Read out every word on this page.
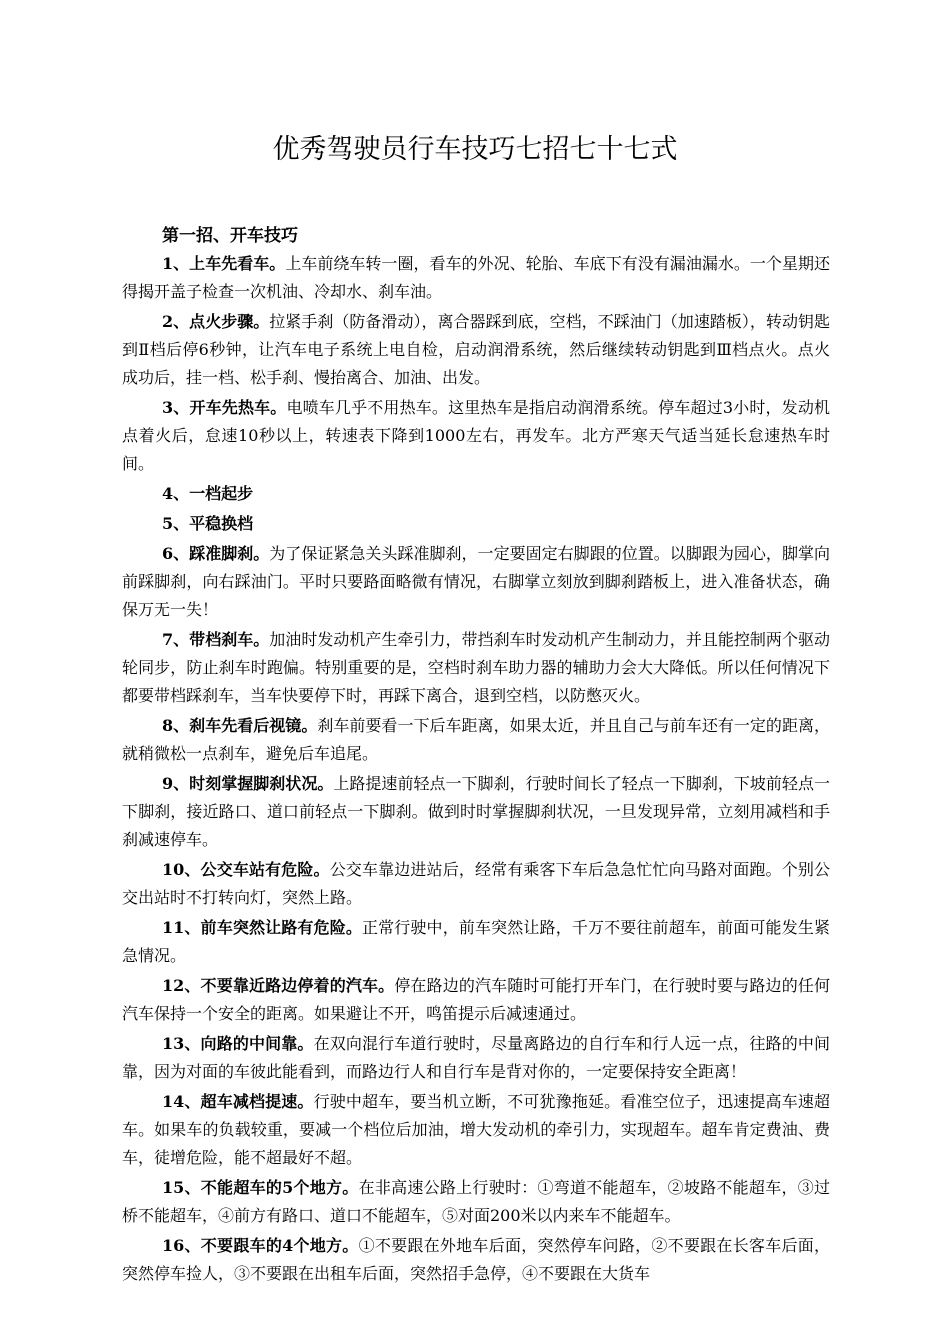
优秀驾驶员行车技巧七招七十七式
第一招、开车技巧

1、上车先看车。上车前绕车转一圈，看车的外况、轮胎、车底下有没有漏油漏水。一个星期还得揭开盖子检查一次机油、冷却水、刹车油。

2、点火步骤。拉紧手刹（防备滑动），离合器踩到底，空档，不踩油门（加速踏板），转动钥匙到Ⅱ档后停6秒钟，让汽车电子系统上电自检，启动润滑系统，然后继续转动钥匙到Ⅲ档点火。点火成功后，挂一档、松手刹、慢抬离合、加油、出发。

3、开车先热车。电喷车几乎不用热车。这里热车是指启动润滑系统。停车超过3小时，发动机点着火后，怠速10秒以上，转速表下降到1000左右，再发车。北方严寒天气适当延长怠速热车时间。

4、一档起步

5、平稳换档

6、踩准脚刹。为了保证紧急关头踩准脚刹，一定要固定右脚跟的位置。以脚跟为园心，脚掌向前踩脚刹，向右踩油门。平时只要路面略微有情况，右脚掌立刻放到脚刹踏板上，进入准备状态，确保万无一失！

7、带档刹车。加油时发动机产生牵引力，带挡刹车时发动机产生制动力，并且能控制两个驱动轮同步，防止刹车时跑偏。特别重要的是，空档时刹车助力器的辅助力会大大降低。所以任何情况下都要带档踩刹车，当车快要停下时，再踩下离合，退到空档，以防憋灭火。

8、刹车先看后视镜。刹车前要看一下后车距离，如果太近，并且自己与前车还有一定的距离，就稍微松一点刹车，避免后车追尾。

9、时刻掌握脚刹状况。上路提速前轻点一下脚刹，行驶时间长了轻点一下脚刹，下坡前轻点一下脚刹，接近路口、道口前轻点一下脚刹。做到时时掌握脚刹状况，一旦发现异常，立刻用减档和手刹减速停车。

10、公交车站有危险。公交车靠边进站后，经常有乘客下车后急急忙忙向马路对面跑。个别公交出站时不打转向灯，突然上路。

11、前车突然让路有危险。正常行驶中，前车突然让路，千万不要往前超车，前面可能发生紧急情况。

12、不要靠近路边停着的汽车。停在路边的汽车随时可能打开车门，在行驶时要与路边的任何汽车保持一个安全的距离。如果避让不开，鸣笛提示后减速通过。

13、向路的中间靠。在双向混行车道行驶时，尽量离路边的自行车和行人远一点，往路的中间靠，因为对面的车彼此能看到，而路边行人和自行车是背对你的，一定要保持安全距离！

14、超车减档提速。行驶中超车，要当机立断，不可犹豫拖延。看准空位子，迅速提高车速超车。如果车的负载较重，要减一个档位后加油，增大发动机的牵引力，实现超车。超车肯定费油、费车，徒增危险，能不超最好不超。

15、不能超车的5个地方。在非高速公路上行驶时：①弯道不能超车，②坡路不能超车，③过桥不能超车，④前方有路口、道口不能超车，⑤对面200米以内来车不能超车。

16、不要跟车的4个地方。①不要跟在外地车后面，突然停车问路，②不要跟在长客车后面，突然停车捡人，③不要跟在出租车后面，突然招手急停，④不要跟在大货车
